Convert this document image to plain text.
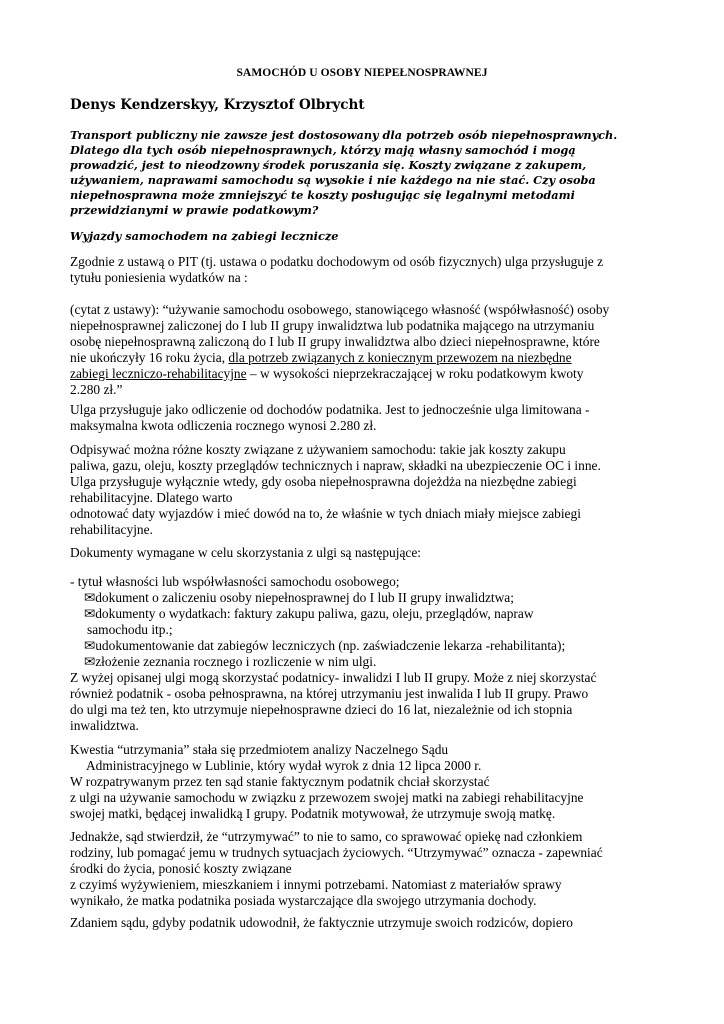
SAMOCHÓD U OSOBY NIEPEŁNOSPRAWNEJ
Denys Kendzerskyy, Krzysztof Olbrycht
Transport publiczny nie zawsze jest dostosowany dla potrzeb osób niepełnosprawnych.
Dlatego dla tych osób niepełnosprawnych, którzy mają własny samochód i mogą
prowadzić, jest to nieodzowny środek poruszania się. Koszty związane z zakupem,
używaniem, naprawami samochodu są wysokie i nie każdego na nie stać. Czy osoba
niepełnosprawna może zmniejszyć te koszty posługując się legalnymi metodami
przewidzianymi w prawie podatkowym?
Wyjazdy samochodem na zabiegi lecznicze
Zgodnie z ustawą o PIT (tj. ustawa o podatku dochodowym od osób fizycznych) ulga przysługuje z
tytułu poniesienia wydatków na :
(cytat z ustawy): “używanie samochodu osobowego, stanowiącego własność (współwłasność) osoby
niepełnosprawnej zaliczonej do I lub II grupy inwalidztwa lub podatnika mającego na utrzymaniu
osobę niepełnosprawną zaliczoną do I lub II grupy inwalidztwa albo dzieci niepełnosprawne, które
nie ukończyły 16 roku życia, dla potrzeb związanych z koniecznym przewozem na niezbędne
zabiegi leczniczo-rehabilitacyjne – w wysokości nieprzekraczającej w roku podatkowym kwoty
2.280 zł.”
Ulga przysługuje jako odliczenie od dochodów podatnika. Jest to jednocześnie ulga limitowana -
maksymalna kwota odliczenia rocznego wynosi 2.280 zł.
Odpisywać można różne koszty związane z używaniem samochodu: takie jak koszty zakupu
paliwa, gazu, oleju, koszty przeglądów technicznych i napraw, składki na ubezpieczenie OC i inne.
Ulga przysługuje wyłącznie wtedy, gdy osoba niepełnosprawna dojeżdża na niezbędne zabiegi
rehabilitacyjne. Dlatego warto
odnotować daty wyjazdów i mieć dowód na to, że właśnie w tych dniach miały miejsce zabiegi
rehabilitacyjne.
Dokumenty wymagane w celu skorzystania z ulgi są następujące:
- tytuł własności lub współwłasności samochodu osobowego;
✉dokument o zaliczeniu osoby niepełnosprawnej do I lub II grupy inwalidztwa;
✉dokumenty o wydatkach: faktury zakupu paliwa, gazu, oleju, przeglądów, napraw
samochodu itp.;
✉udokumentowanie dat zabiegów leczniczych (np. zaświadczenie lekarza -rehabilitanta);
✉złożenie zeznania rocznego i rozliczenie w nim ulgi.
Z wyżej opisanej ulgi mogą skorzystać podatnicy- inwalidzi I lub II grupy. Może z niej skorzystać
również podatnik - osoba pełnosprawna, na której utrzymaniu jest inwalida I lub II grupy. Prawo
do ulgi ma też ten, kto utrzymuje niepełnosprawne dzieci do 16 lat, niezależnie od ich stopnia
inwalidztwa.
Kwestia “utrzymania” stała się przedmiotem analizy Naczelnego Sądu
Administracyjnego w Lublinie, który wydał wyrok z dnia 12 lipca 2000 r.
W rozpatrywanym przez ten sąd stanie faktycznym podatnik chciał skorzystać
z ulgi na używanie samochodu w związku z przewozem swojej matki na zabiegi rehabilitacyjne
swojej matki, będącej inwalidką I grupy. Podatnik motywował, że utrzymuje swoją matkę.
Jednakże, sąd stwierdził, że “utrzymywać” to nie to samo, co sprawować opiekę nad członkiem
rodziny, lub pomagać jemu w trudnych sytuacjach życiowych. “Utrzymywać” oznacza - zapewniać
środki do życia, ponosić koszty związane
z czyimś wyżywieniem, mieszkaniem i innymi potrzebami. Natomiast z materiałów sprawy
wynikało, że matka podatnika posiada wystarczające dla swojego utrzymania dochody.
Zdaniem sądu, gdyby podatnik udowodnił, że faktycznie utrzymuje swoich rodziców, dopiero
